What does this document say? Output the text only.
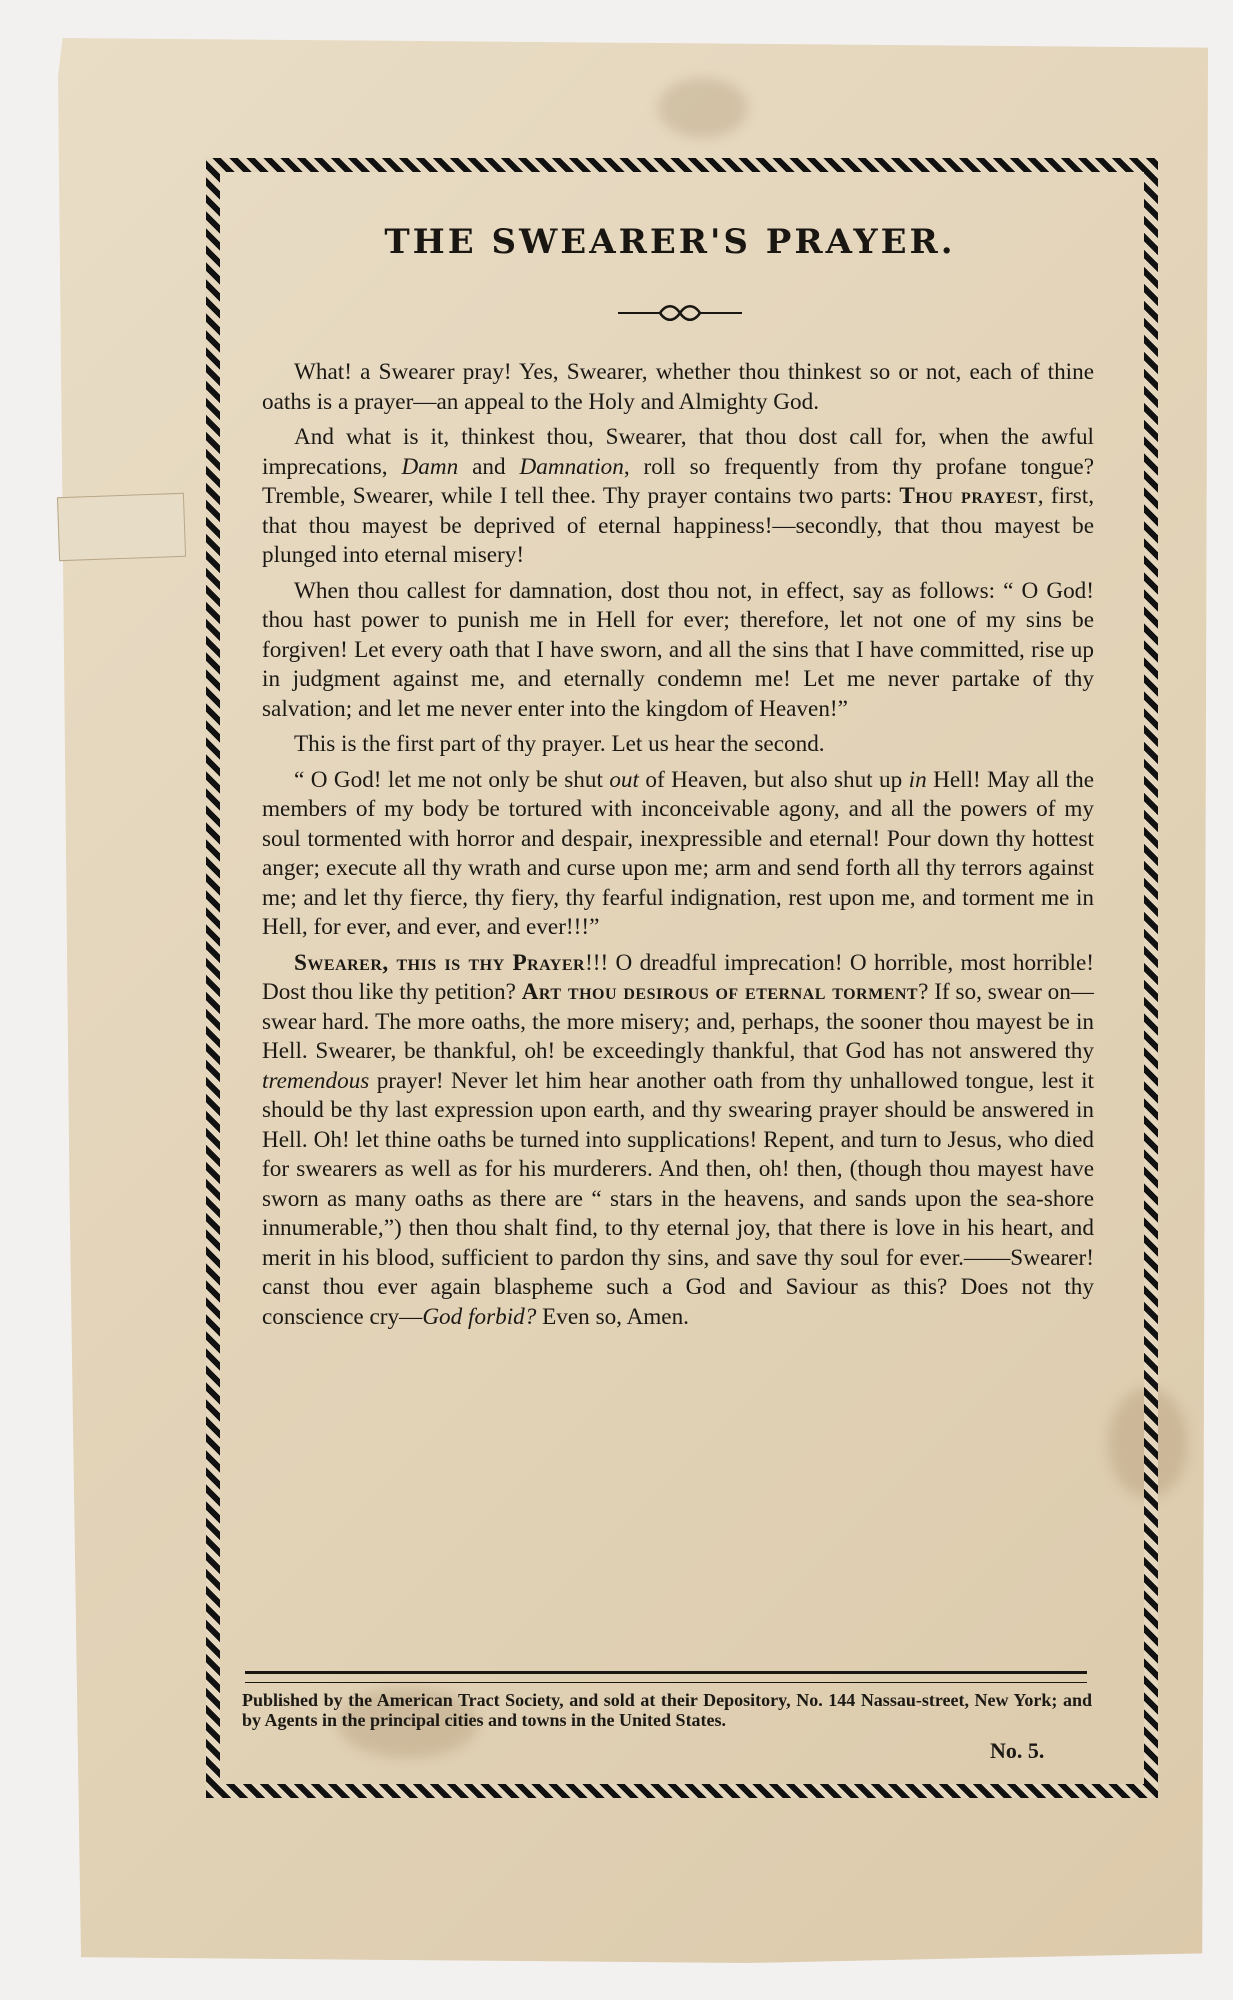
THE SWEARER'S PRAYER.

What! a Swearer pray! Yes, Swearer, whether thou thinkest so or not, each of thine oaths is a prayer—an appeal to the Holy and Almighty God.

And what is it, thinkest thou, Swearer, that thou dost call for, when the awful imprecations, Damn and Damnation, roll so frequently from thy profane tongue? Tremble, Swearer, while I tell thee. Thy prayer contains two parts: Thou prayest, first, that thou mayest be deprived of eternal happiness!—secondly, that thou mayest be plunged into eternal misery!

When thou callest for damnation, dost thou not, in effect, say as follows: “ O God! thou hast power to punish me in Hell for ever; therefore, let not one of my sins be forgiven! Let every oath that I have sworn, and all the sins that I have committed, rise up in judgment against me, and eternally condemn me! Let me never partake of thy salvation; and let me never enter into the kingdom of Heaven!”

This is the first part of thy prayer. Let us hear the second.

“ O God! let me not only be shut out of Heaven, but also shut up in Hell! May all the members of my body be tortured with inconceivable agony, and all the powers of my soul tormented with horror and despair, inexpressible and eternal! Pour down thy hottest anger; execute all thy wrath and curse upon me; arm and send forth all thy terrors against me; and let thy fierce, thy fiery, thy fearful indignation, rest upon me, and torment me in Hell, for ever, and ever, and ever!!!”

Swearer, this is thy Prayer!!! O dreadful imprecation! O horrible, most horrible! Dost thou like thy petition? Art thou desirous of eternal torment? If so, swear on—swear hard. The more oaths, the more misery; and, perhaps, the sooner thou mayest be in Hell. Swearer, be thankful, oh! be exceedingly thankful, that God has not answered thy tremendous prayer! Never let him hear another oath from thy unhallowed tongue, lest it should be thy last expression upon earth, and thy swearing prayer should be answered in Hell. Oh! let thine oaths be turned into supplications! Repent, and turn to Jesus, who died for swearers as well as for his murderers. And then, oh! then, (though thou mayest have sworn as many oaths as there are “ stars in the heavens, and sands upon the sea-shore innumerable,”) then thou shalt find, to thy eternal joy, that there is love in his heart, and merit in his blood, sufficient to pardon thy sins, and save thy soul for ever.——Swearer! canst thou ever again blaspheme such a God and Saviour as this? Does not thy conscience cry—God forbid? Even so, Amen.

Published by the American Tract Society, and sold at their Depository, No. 144 Nassau-street, New York; and by Agents in the principal cities and towns in the United States.
No. 5.
